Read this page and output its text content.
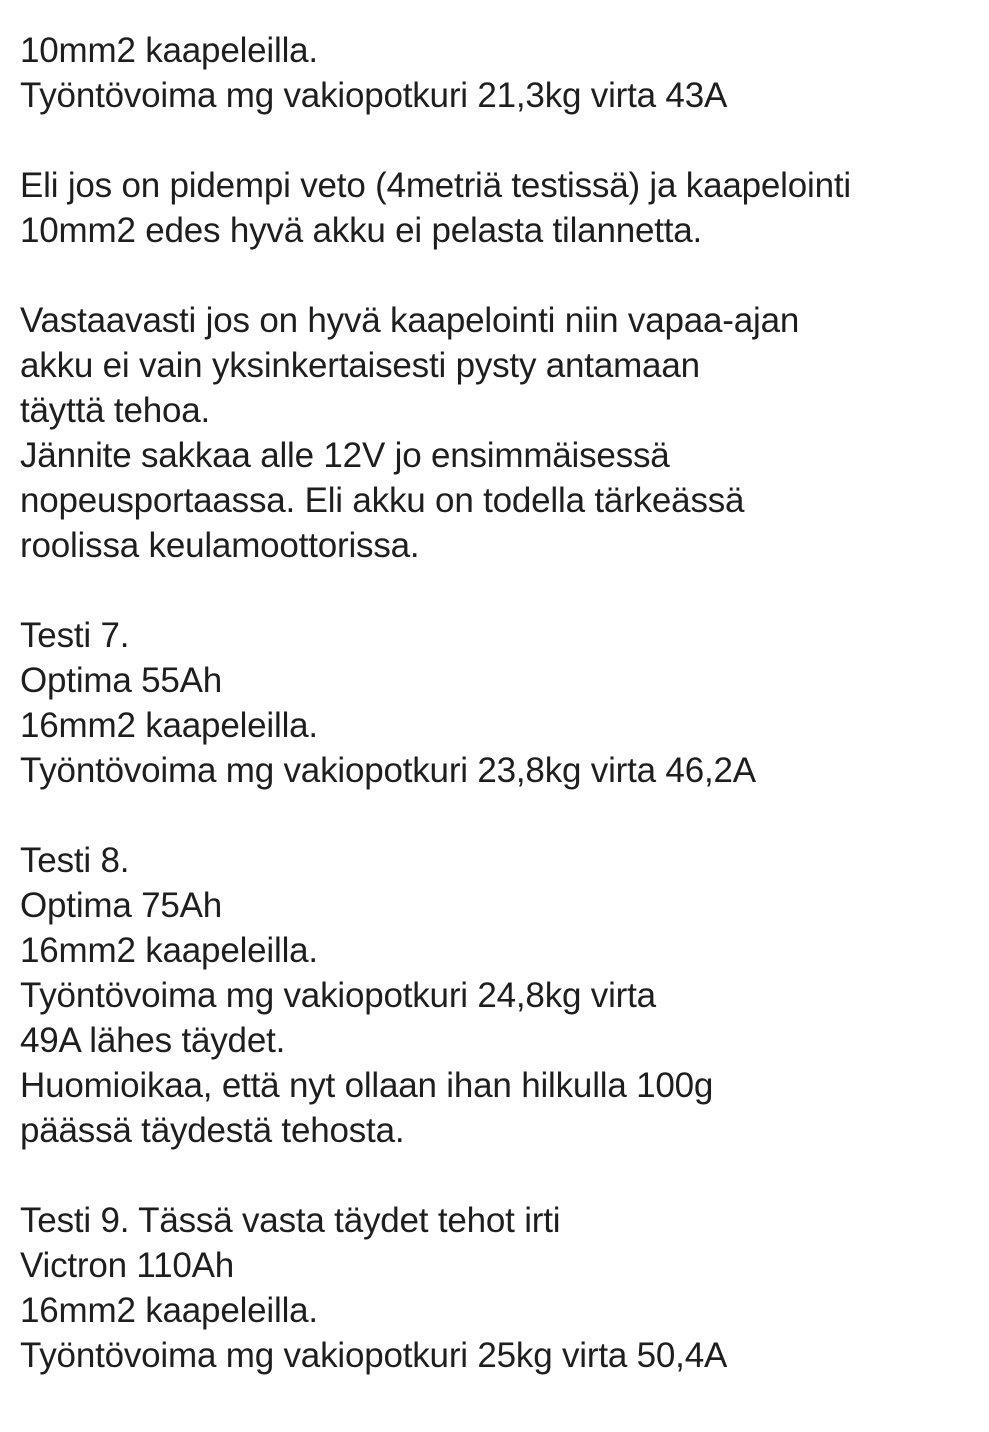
10mm2 kaapeleilla.
Työntövoima mg vakiopotkuri 21,3kg virta 43A
Eli jos on pidempi veto (4metriä testissä) ja kaapelointi
10mm2 edes hyvä akku ei pelasta tilannetta.
Vastaavasti jos on hyvä kaapelointi niin vapaa-ajan
akku ei vain yksinkertaisesti pysty antamaan
täyttä tehoa.
Jännite sakkaa alle 12V jo ensimmäisessä
nopeusportaassa. Eli akku on todella tärkeässä
roolissa keulamoottorissa.
Testi 7.
Optima 55Ah
16mm2 kaapeleilla.
Työntövoima mg vakiopotkuri 23,8kg virta 46,2A
Testi 8.
Optima 75Ah
16mm2 kaapeleilla.
Työntövoima mg vakiopotkuri 24,8kg virta
49A lähes täydet.
Huomioikaa, että nyt ollaan ihan hilkulla 100g
päässä täydestä tehosta.
Testi 9. Tässä vasta täydet tehot irti
Victron 110Ah
16mm2 kaapeleilla.
Työntövoima mg vakiopotkuri 25kg virta 50,4A
